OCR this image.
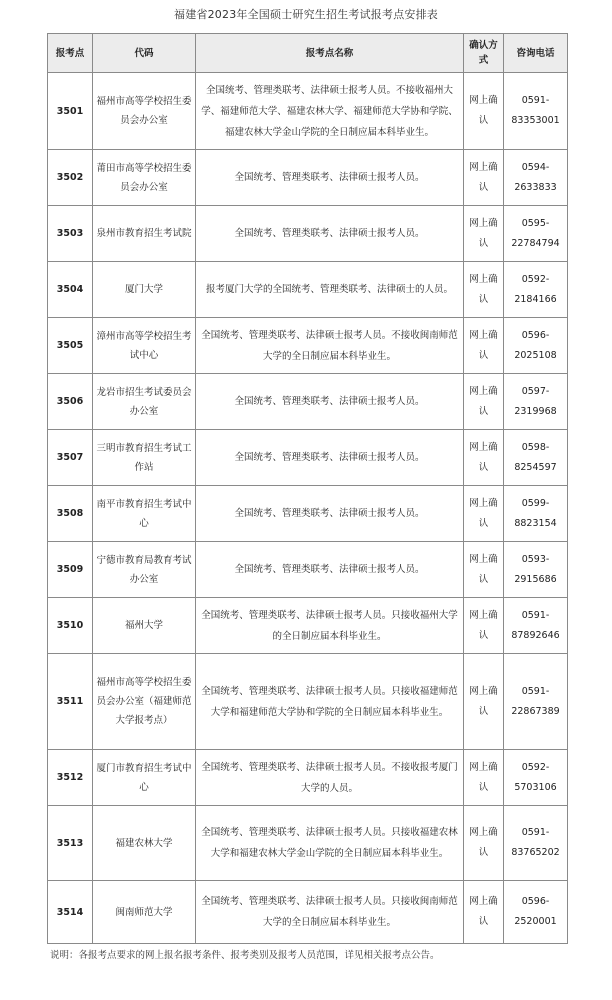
福建省2023年全国硕士研究生招生考试报考点安排表
报考点	代码	报考点名称	确认方式	咨询电话
3501	福州市高等学校招生委员会办公室	全国统考、管理类联考、法律硕士报考人员。不接收福州大学、福建师范大学、福建农林大学、福建师范大学协和学院、福建农林大学金山学院的全日制应届本科毕业生。	网上确认	0591-83353001
3502	莆田市高等学校招生委员会办公室	全国统考、管理类联考、法律硕士报考人员。	网上确认	0594-2633833
3503	泉州市教育招生考试院	全国统考、管理类联考、法律硕士报考人员。	网上确认	0595-22784794
3504	厦门大学	报考厦门大学的全国统考、管理类联考、法律硕士的人员。	网上确认	0592-2184166
3505	漳州市高等学校招生考试中心	全国统考、管理类联考、法律硕士报考人员。不接收闽南师范大学的全日制应届本科毕业生。	网上确认	0596-2025108
3506	龙岩市招生考试委员会办公室	全国统考、管理类联考、法律硕士报考人员。	网上确认	0597-2319968
3507	三明市教育招生考试工作站	全国统考、管理类联考、法律硕士报考人员。	网上确认	0598-8254597
3508	南平市教育招生考试中心	全国统考、管理类联考、法律硕士报考人员。	网上确认	0599-8823154
3509	宁德市教育局教育考试办公室	全国统考、管理类联考、法律硕士报考人员。	网上确认	0593-2915686
3510	福州大学	全国统考、管理类联考、法律硕士报考人员。只接收福州大学的全日制应届本科毕业生。	网上确认	0591-87892646
3511	福州市高等学校招生委员会办公室（福建师范大学报考点）	全国统考、管理类联考、法律硕士报考人员。只接收福建师范大学和福建师范大学协和学院的全日制应届本科毕业生。	网上确认	0591-22867389
3512	厦门市教育招生考试中心	全国统考、管理类联考、法律硕士报考人员。不接收报考厦门大学的人员。	网上确认	0592-5703106
3513	福建农林大学	全国统考、管理类联考、法律硕士报考人员。只接收福建农林大学和福建农林大学金山学院的全日制应届本科毕业生。	网上确认	0591-83765202
3514	闽南师范大学	全国统考、管理类联考、法律硕士报考人员。只接收闽南师范大学的全日制应届本科毕业生。	网上确认	0596-2520001
说明：各报考点要求的网上报名报考条件、报考类别及报考人员范围，详见相关报考点公告。
